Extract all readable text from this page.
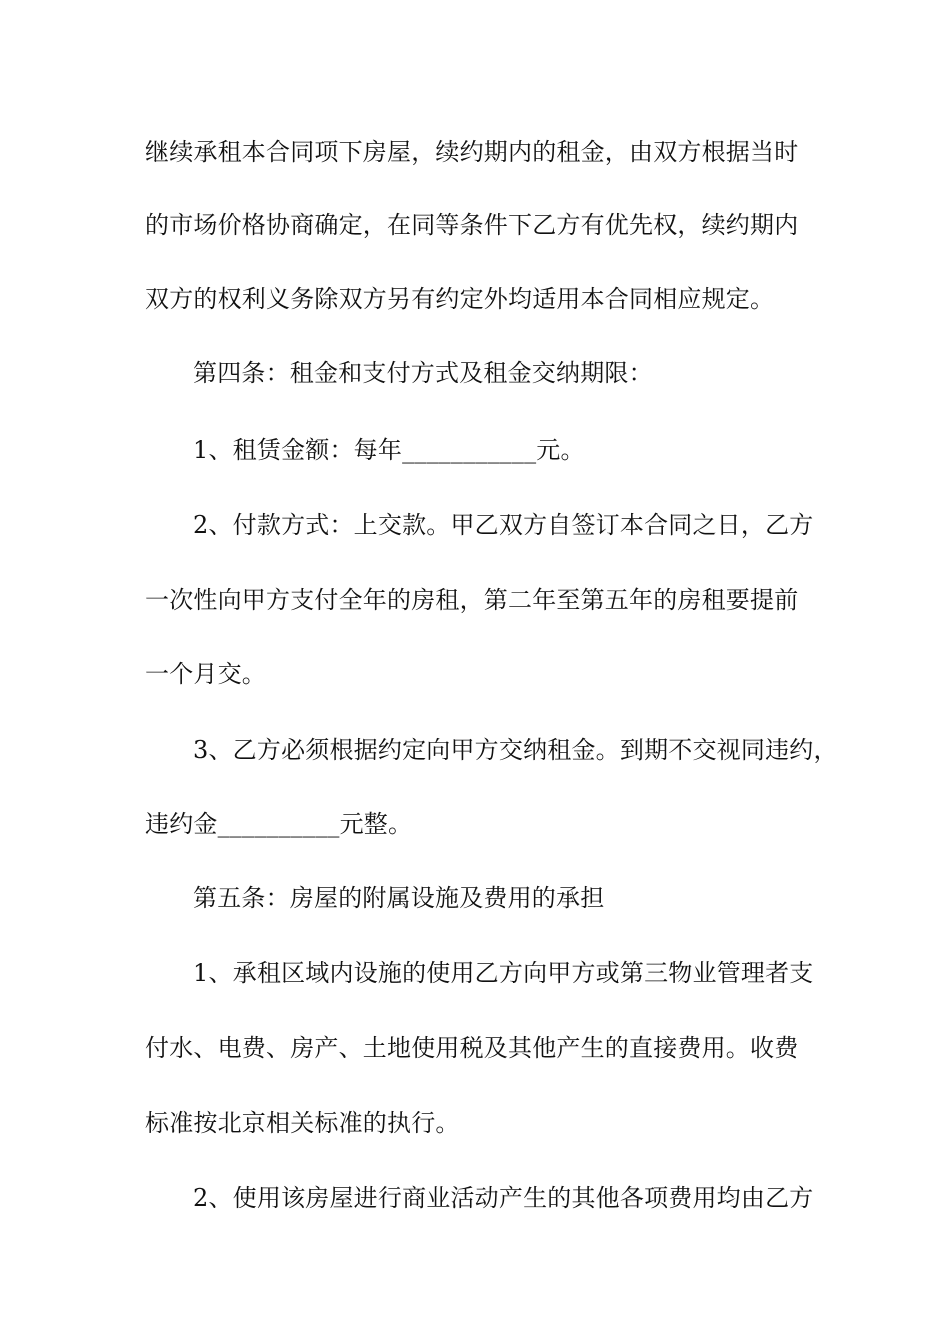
继续承租本合同项下房屋，续约期内的租金，由双方根据当时
的市场价格协商确定，在同等条件下乙方有优先权，续约期内
双方的权利义务除双方另有约定外均适用本合同相应规定。
第四条：租金和支付方式及租金交纳期限：
1、租赁金额：每年___________元。
2、付款方式：上交款。甲乙双方自签订本合同之日，乙方
一次性向甲方支付全年的房租，第二年至第五年的房租要提前
一个月交。
3、乙方必须根据约定向甲方交纳租金。到期不交视同违约，
违约金__________元整。
第五条：房屋的附属设施及费用的承担
1、承租区域内设施的使用乙方向甲方或第三物业管理者支
付水、电费、房产、土地使用税及其他产生的直接费用。收费
标准按北京相关标准的执行。
2、使用该房屋进行商业活动产生的其他各项费用均由乙方
